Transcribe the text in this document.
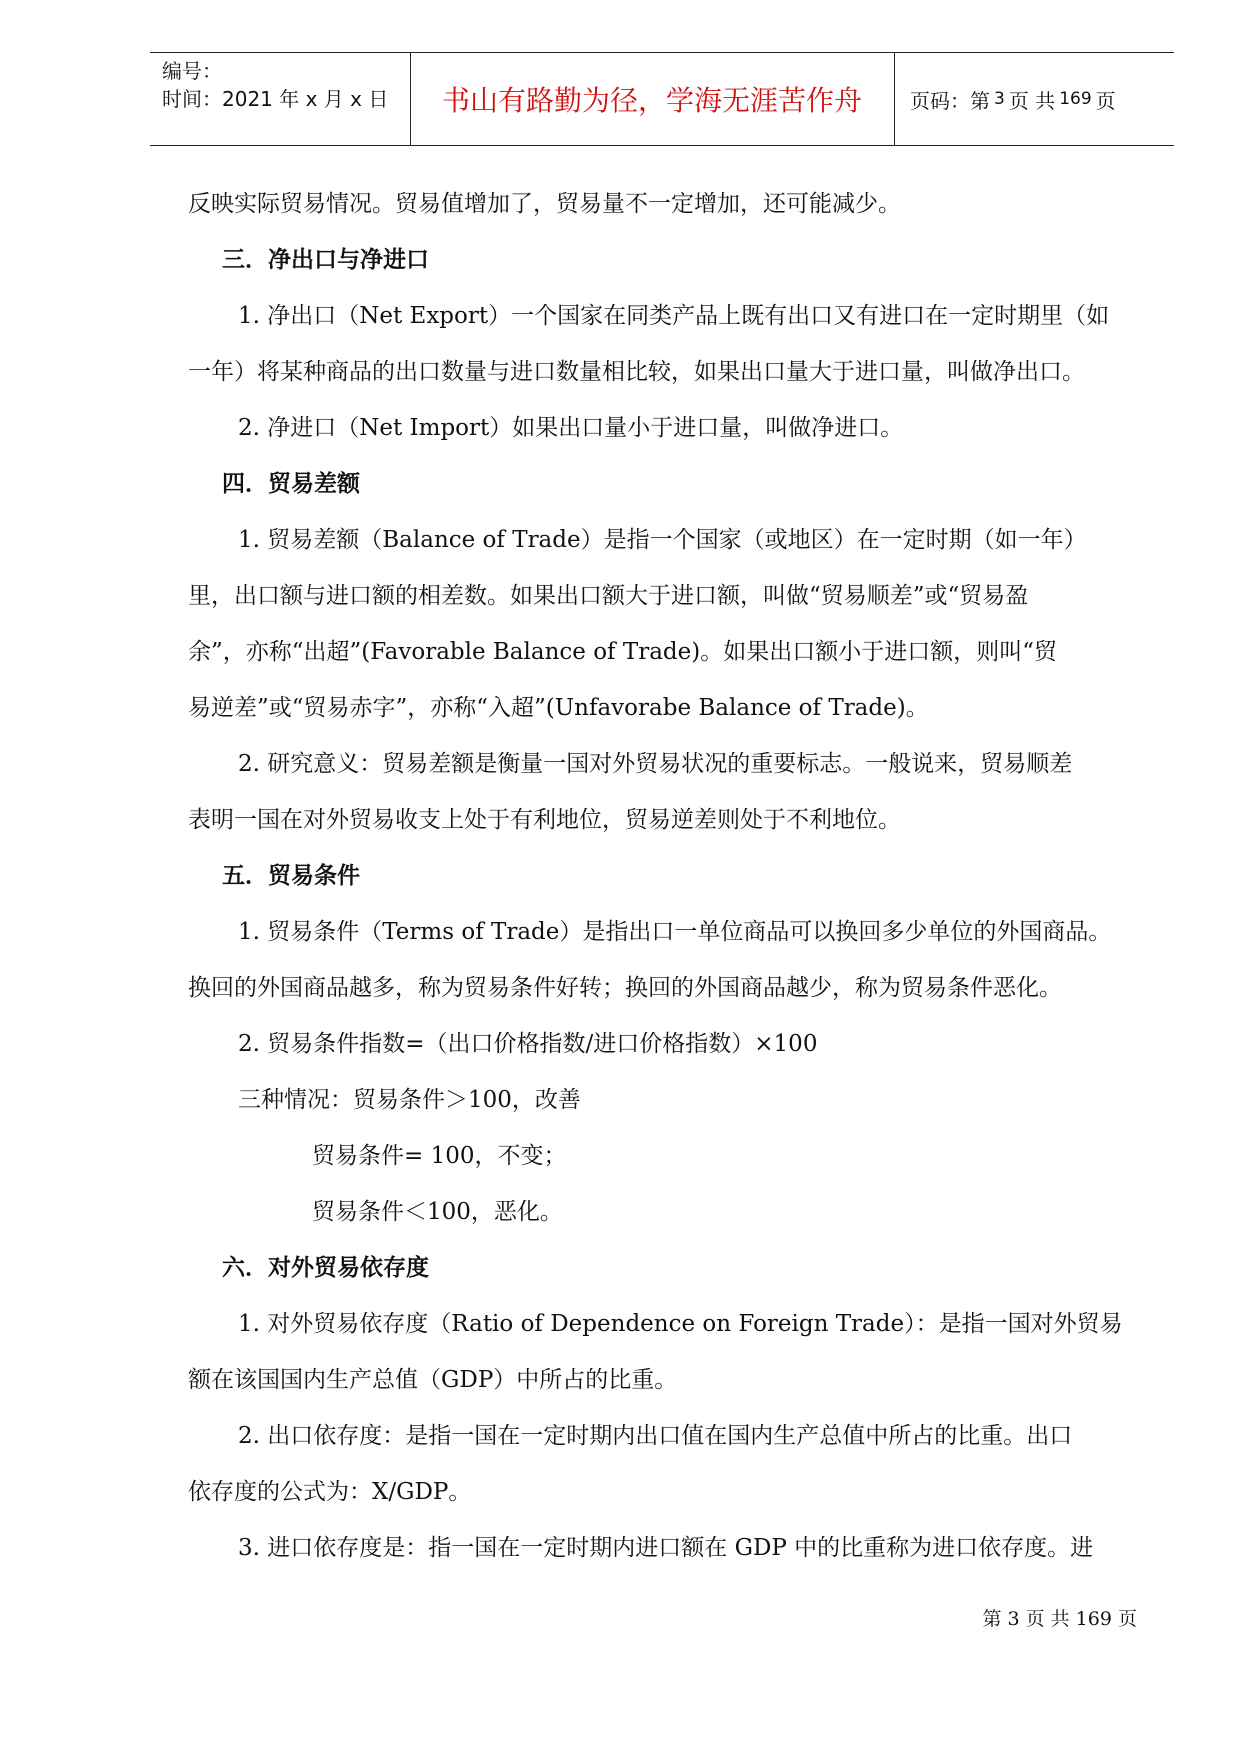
编号：
时间：2021 年 x 月 x 日	书山有路勤为径，学海无涯苦作舟	页码：第 3 页 共 169 页

反映实际贸易情况。贸易值增加了，贸易量不一定增加，还可能减少。

三．净出口与净进口

1. 净出口（Net Export）一个国家在同类产品上既有出口又有进口在一定时期里（如

一年）将某种商品的出口数量与进口数量相比较，如果出口量大于进口量，叫做净出口。

2. 净进口（Net Import）如果出口量小于进口量，叫做净进口。

四．贸易差额

1. 贸易差额（Balance of Trade）是指一个国家（或地区）在一定时期（如一年）

里，出口额与进口额的相差数。如果出口额大于进口额，叫做“贸易顺差”或“贸易盈

余”，亦称“出超”(Favorable Balance of Trade)。如果出口额小于进口额，则叫“贸

易逆差”或“贸易赤字”，亦称“入超”(Unfavorabe Balance of Trade)。

2. 研究意义：贸易差额是衡量一国对外贸易状况的重要标志。一般说来，贸易顺差

表明一国在对外贸易收支上处于有利地位，贸易逆差则处于不利地位。

五．贸易条件

1. 贸易条件（Terms of Trade）是指出口一单位商品可以换回多少单位的外国商品。

换回的外国商品越多，称为贸易条件好转；换回的外国商品越少，称为贸易条件恶化。

2. 贸易条件指数=（出口价格指数/进口价格指数）×100

三种情况：贸易条件＞100，改善

贸易条件= 100，不变；

贸易条件＜100，恶化。

六．对外贸易依存度

1. 对外贸易依存度（Ratio of Dependence on Foreign Trade）：是指一国对外贸易

额在该国国内生产总值（GDP）中所占的比重。

2. 出口依存度：是指一国在一定时期内出口值在国内生产总值中所占的比重。出口

依存度的公式为：X/GDP。

3. 进口依存度是：指一国在一定时期内进口额在 GDP 中的比重称为进口依存度。进

第 3 页 共 169 页
